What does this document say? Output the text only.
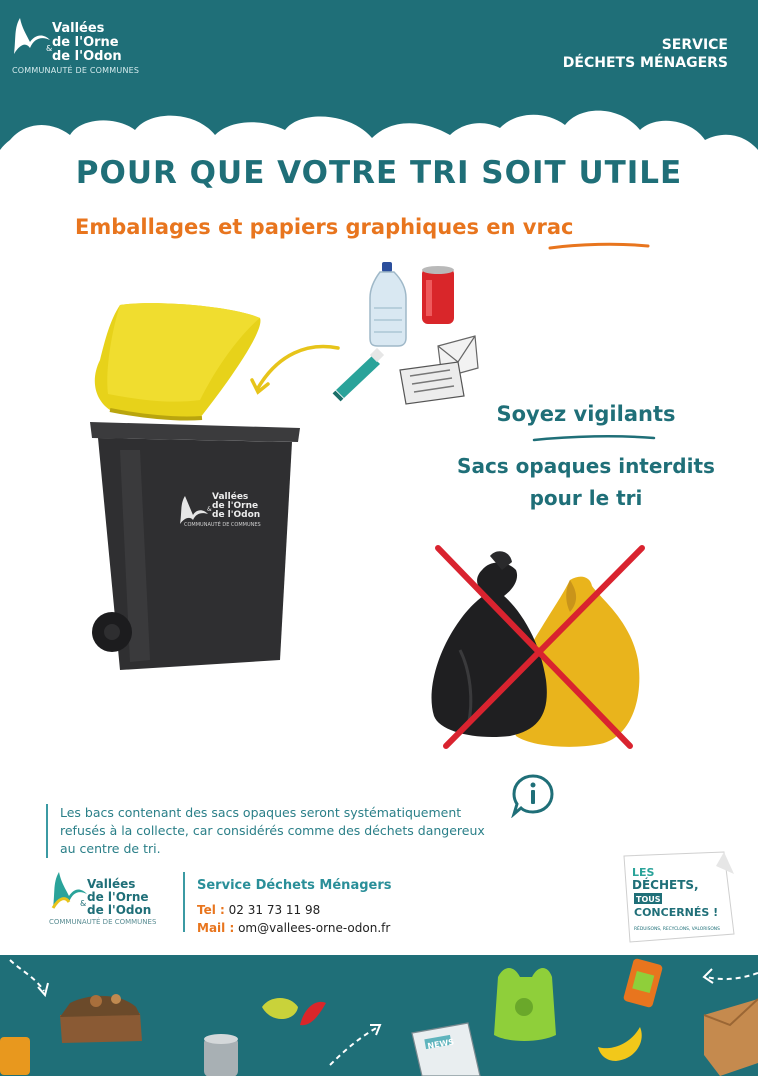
Vallées
de l'Orne
&
de l'Odon
COMMUNAUTÉ DE COMMUNES
SERVICE
DÉCHETS MÉNAGERS
POUR QUE VOTRE TRI SOIT UTILE
Emballages et papiers graphiques en vrac
Vallées
de l'Orne
de l'Odon
&
COMMUNAUTÉ DE COMMUNES
Soyez vigilants
Sacs opaques interdits
pour le tri
Les bacs contenant des sacs opaques seront systématiquement
refusés à la collecte, car considérés comme des déchets dangereux
au centre de tri.
Vallées
de l'Orne
& de l'Odon
COMMUNAUTÉ DE COMMUNES
Service Déchets Ménagers
Tel : 02 31 73 11 98
Mail : om@vallees-orne-odon.fr
LES
DÉCHETS,
TOUS
CONCERNÉS !
RÉDUISONS, RECYCLONS, VALORISONS
NEWS
